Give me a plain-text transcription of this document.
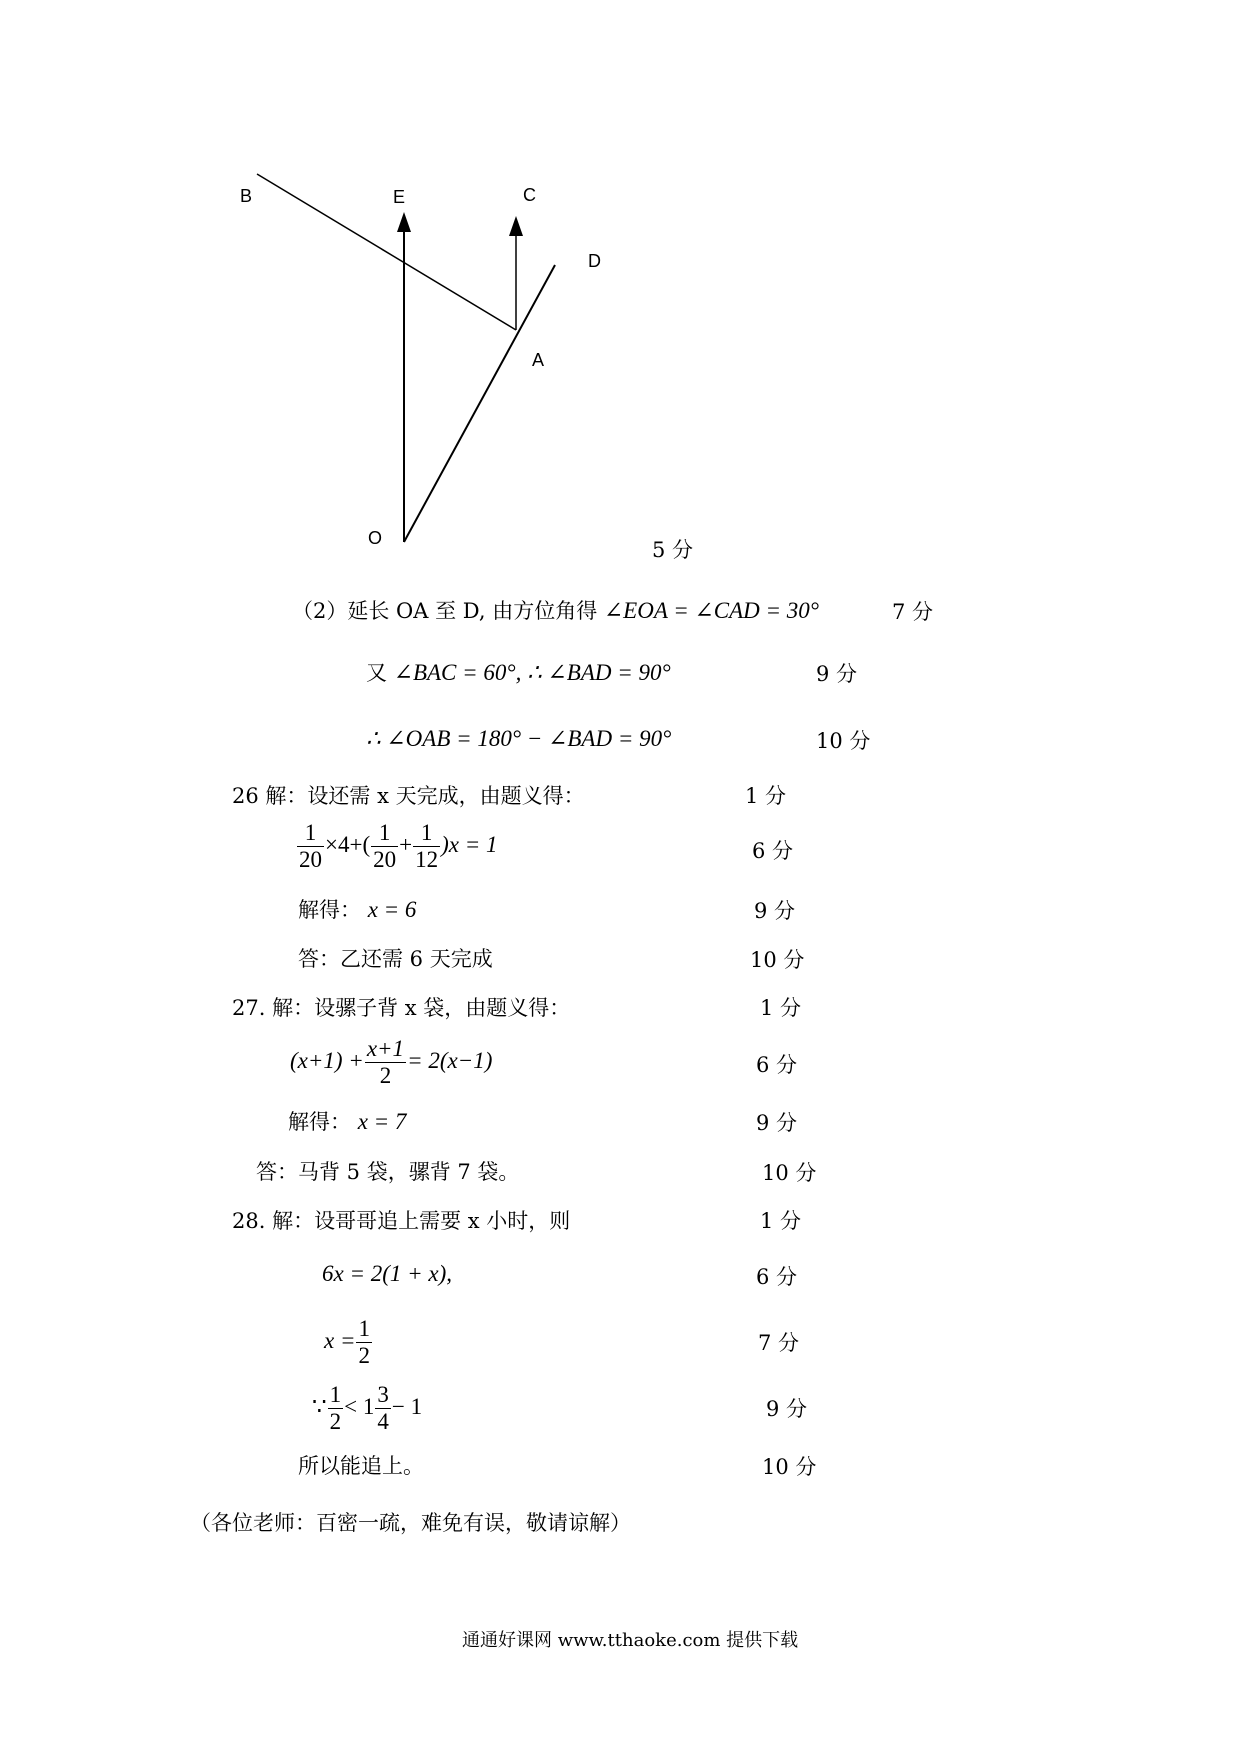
B	E	C
D
A
O	5 分
（2）延长 OA 至 D, 由方位角得 ∠EOA = ∠CAD = 30°	7 分
又 ∠BAC = 60°, ∴ ∠BAD = 90°	9 分
∴ ∠OAB = 180° − ∠BAD = 90°	10 分
26 解：设还需 x 天完成，由题义得：	1 分
$\frac{1}{20} \times 4+( \frac{1}{20} + \frac{1}{12} )x = 1$	6 分
解得： x = 6	9 分
答：乙还需 6 天完成	10 分
27. 解：设骡子背 x 袋，由题义得：	1 分
$(x+1) + \frac{x+1}{2} = 2(x-1)$	6 分
解得： x = 7	9 分
答：马背 5 袋，骡背 7 袋。	10 分
28. 解：设哥哥追上需要 x 小时，则	1 分
6x = 2(1 + x),	6 分
$x = \frac{1}{2}$	7 分
∵ $\frac{1}{2} < 1 \frac{3}{4} - 1$	9 分
所以能追上。	10 分
（各位老师：百密一疏，难免有误，敬请谅解）
通通好课网 www.tthaoke.com 提供下载
